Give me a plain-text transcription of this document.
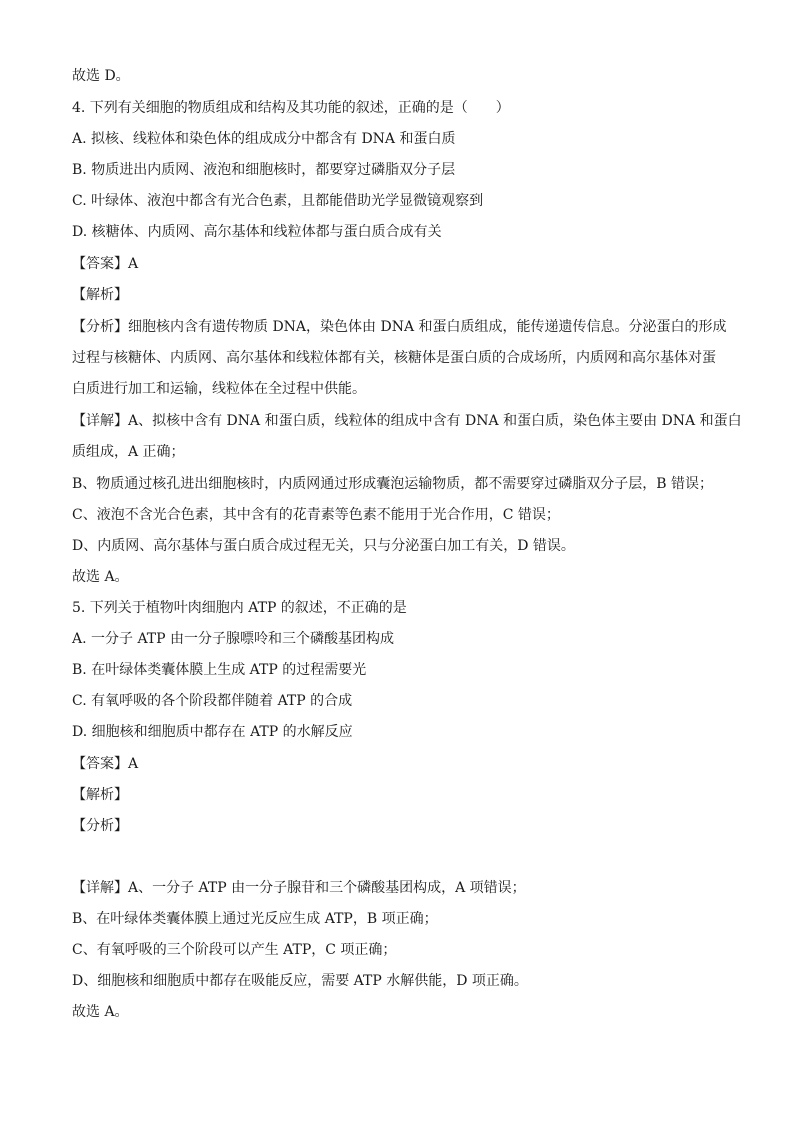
故选 D。
4. 下列有关细胞的物质组成和结构及其功能的叙述，正确的是（　　）
A. 拟核、线粒体和染色体的组成成分中都含有 DNA 和蛋白质
B. 物质进出内质网、液泡和细胞核时，都要穿过磷脂双分子层
C. 叶绿体、液泡中都含有光合色素，且都能借助光学显微镜观察到
D. 核糖体、内质网、高尔基体和线粒体都与蛋白质合成有关
【答案】A
【解析】
【分析】细胞核内含有遗传物质 DNA，染色体由 DNA 和蛋白质组成，能传递遗传信息。分泌蛋白的形成
过程与核糖体、内质网、高尔基体和线粒体都有关，核糖体是蛋白质的合成场所，内质网和高尔基体对蛋
白质进行加工和运输，线粒体在全过程中供能。
【详解】A、拟核中含有 DNA 和蛋白质，线粒体的组成中含有 DNA 和蛋白质，染色体主要由 DNA 和蛋白
质组成，A 正确；
B、物质通过核孔进出细胞核时，内质网通过形成囊泡运输物质，都不需要穿过磷脂双分子层，B 错误；
C、液泡不含光合色素，其中含有的花青素等色素不能用于光合作用，C 错误；
D、内质网、高尔基体与蛋白质合成过程无关，只与分泌蛋白加工有关，D 错误。
故选 A。
5. 下列关于植物叶肉细胞内 ATP 的叙述，不正确的是
A. 一分子 ATP 由一分子腺嘌呤和三个磷酸基团构成
B. 在叶绿体类囊体膜上生成 ATP 的过程需要光
C. 有氧呼吸的各个阶段都伴随着 ATP 的合成
D. 细胞核和细胞质中都存在 ATP 的水解反应
【答案】A
【解析】
【分析】
【详解】A、一分子 ATP 由一分子腺苷和三个磷酸基团构成，A 项错误；
B、在叶绿体类囊体膜上通过光反应生成 ATP，B 项正确；
C、有氧呼吸的三个阶段可以产生 ATP，C 项正确；
D、细胞核和细胞质中都存在吸能反应，需要 ATP 水解供能，D 项正确。
故选 A。
